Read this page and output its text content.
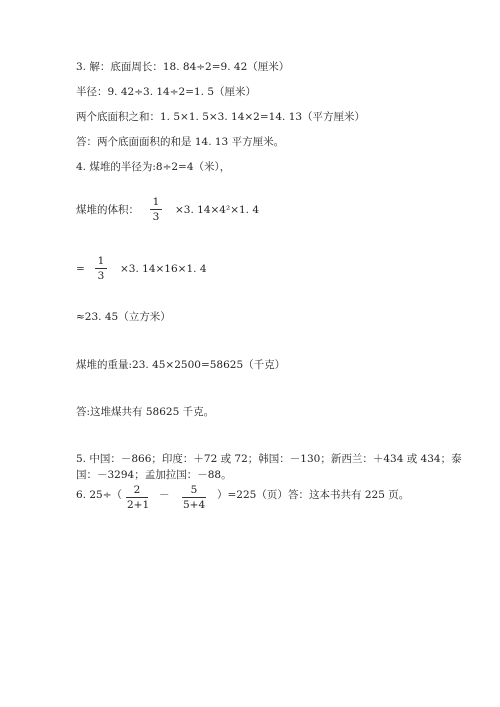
3. 解：底面周长：18. 84÷2=9. 42（厘米）
半径：9. 42÷3. 14÷2=1. 5（厘米）
两个底面积之和：1. 5×1. 5×3. 14×2=14. 13（平方厘米）
答：两个底面面积的和是 14. 13 平方厘米。
4. 煤堆的半径为:8÷2=4（米），
煤堆的体积：
1
3
×3. 14×4²×1. 4
=
1
3
×3. 14×16×1. 4
≈23. 45（立方米）
煤堆的重量:23. 45×2500=58625（千克）
答:这堆煤共有 58625 千克。
5. 中国：－866；印度：＋72 或 72；韩国：－130；新西兰：＋434 或 434；泰
国：－3294；孟加拉国：－88。
6. 25÷（	2
2+1
－	5
5+4
）=225（页） 答：这本书共有 225 页。
